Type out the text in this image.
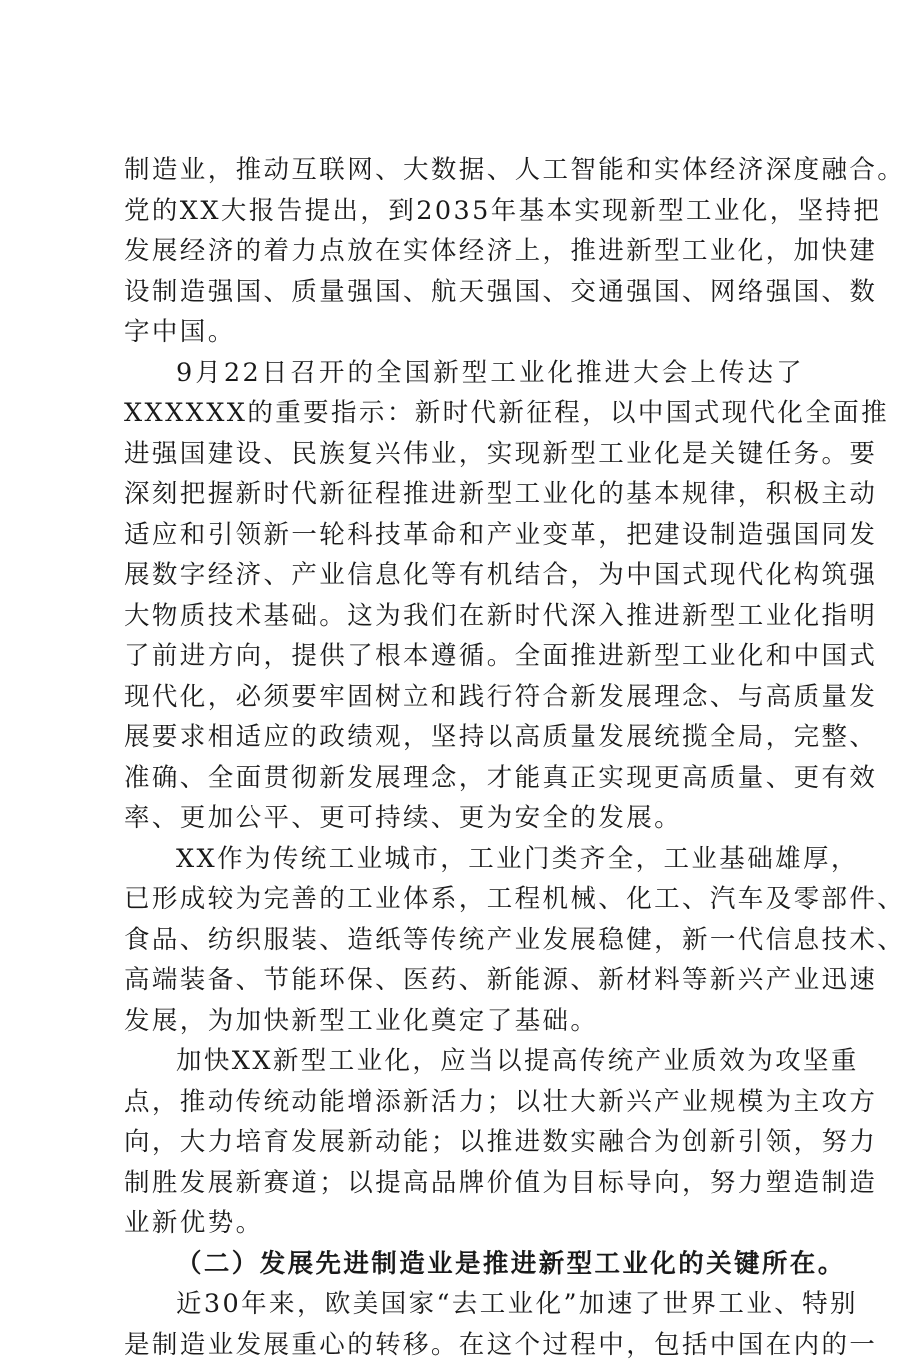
制造业，推动互联网、大数据、人工智能和实体经济深度融合。
党的XX大报告提出，到2035年基本实现新型工业化，坚持把
发展经济的着力点放在实体经济上，推进新型工业化，加快建
设制造强国、质量强国、航天强国、交通强国、网络强国、数
字中国。
9月22日召开的全国新型工业化推进大会上传达了
XXXXXX的重要指示：新时代新征程，以中国式现代化全面推
进强国建设、民族复兴伟业，实现新型工业化是关键任务。要
深刻把握新时代新征程推进新型工业化的基本规律，积极主动
适应和引领新一轮科技革命和产业变革，把建设制造强国同发
展数字经济、产业信息化等有机结合，为中国式现代化构筑强
大物质技术基础。这为我们在新时代深入推进新型工业化指明
了前进方向，提供了根本遵循。全面推进新型工业化和中国式
现代化，必须要牢固树立和践行符合新发展理念、与高质量发
展要求相适应的政绩观，坚持以高质量发展统揽全局，完整、
准确、全面贯彻新发展理念，才能真正实现更高质量、更有效
率、更加公平、更可持续、更为安全的发展。
XX作为传统工业城市，工业门类齐全，工业基础雄厚，
已形成较为完善的工业体系，工程机械、化工、汽车及零部件、
食品、纺织服装、造纸等传统产业发展稳健，新一代信息技术、
高端装备、节能环保、医药、新能源、新材料等新兴产业迅速
发展，为加快新型工业化奠定了基础。
加快XX新型工业化，应当以提高传统产业质效为攻坚重
点，推动传统动能增添新活力；以壮大新兴产业规模为主攻方
向，大力培育发展新动能；以推进数实融合为创新引领，努力
制胜发展新赛道；以提高品牌价值为目标导向，努力塑造制造
业新优势。
（二）发展先进制造业是推进新型工业化的关键所在。
近30年来，欧美国家“去工业化”加速了世界工业、特别
是制造业发展重心的转移。在这个过程中，包括中国在内的一
